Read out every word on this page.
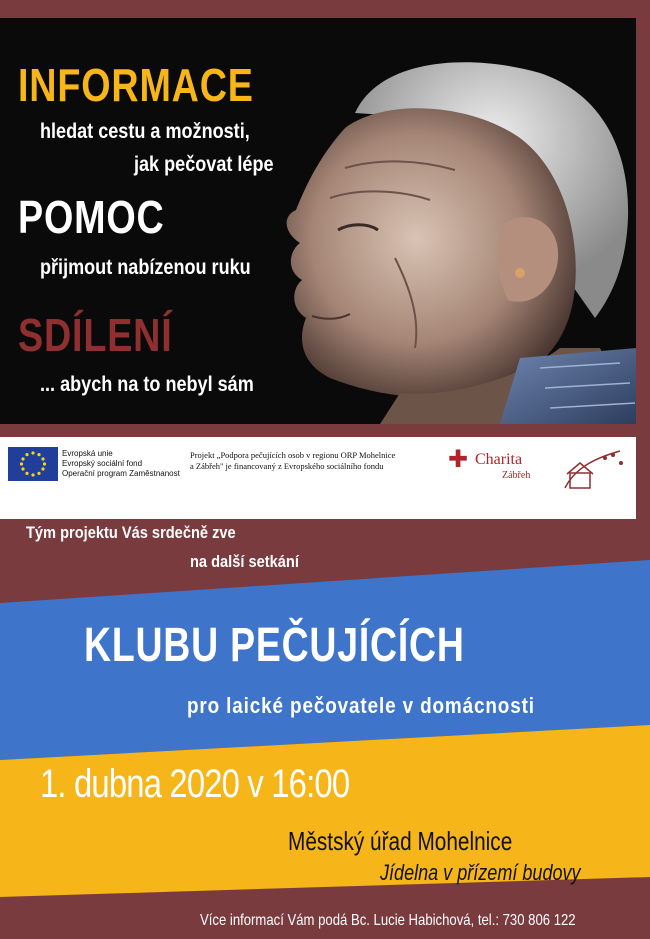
INFORMACE
hledat cestu a možnosti,
jak pečovat lépe
POMOC
přijmout nabízenou ruku
SDÍLENÍ
... abych na to nebyl sám
Evropská unie
Evropský sociální fond
Operační program Zaměstnanost
Projekt „Podpora pečujících osob v regionu ORP Mohelnice
a Zábřeh" je financovaný z Evropského sociálního fondu	✚ Charita
Zábřeh
Tým projektu Vás srdečně zve
na další setkání
KLUBU PEČUJÍCÍCH
pro laické pečovatele v domácnosti
1. dubna 2020 v 16:00
Městský úřad Mohelnice
Jídelna v přízemí budovy
Více informací Vám podá Bc. Lucie Habichová, tel.: 730 806 122
